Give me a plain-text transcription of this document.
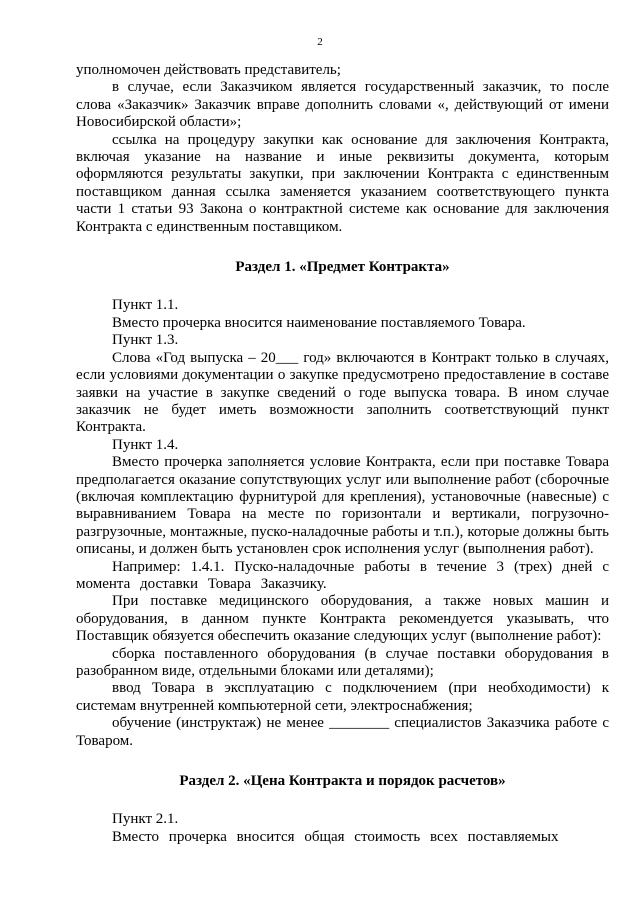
2

уполномочен действовать представитель;

в случае, если Заказчиком является государственный заказчик, то после слова «Заказчик» Заказчик вправе дополнить словами «, действующий от имени Новосибирской области»;

ссылка на процедуру закупки как основание для заключения Контракта, включая указание на название и иные реквизиты документа, которым оформляются результаты закупки, при заключении Контракта с единственным поставщиком данная ссылка заменяется указанием соответствующего пункта части 1 статьи 93 Закона о контрактной системе как основание для заключения Контракта с единственным поставщиком.

Раздел 1. «Предмет Контракта»

Пункт 1.1.

Вместо прочерка вносится наименование поставляемого Товара.

Пункт 1.3.

Слова «Год выпуска – 20___ год» включаются в Контракт только в случаях, если условиями документации о закупке предусмотрено предоставление в составе заявки на участие в закупке сведений о годе выпуска товара. В ином случае заказчик не будет иметь возможности заполнить соответствующий пункт Контракта.

Пункт 1.4.

Вместо прочерка заполняется условие Контракта, если при поставке Товара предполагается оказание сопутствующих услуг или выполнение работ (сборочные (включая комплектацию фурнитурой для крепления), установочные (навесные) с выравниванием Товара на месте по горизонтали и вертикали, погрузочно-разгрузочные, монтажные, пуско-наладочные работы и т.п.), которые должны быть описаны, и должен быть установлен срок исполнения услуг (выполнения работ).

Например: 1.4.1. Пуско-наладочные работы в течение 3 (трех) дней с момента доставки Товара Заказчику.

При поставке медицинского оборудования, а также новых машин и оборудования, в данном пункте Контракта рекомендуется указывать, что Поставщик обязуется обеспечить оказание следующих услуг (выполнение работ):

сборка поставленного оборудования (в случае поставки оборудования в разобранном виде, отдельными блоками или деталями);

ввод Товара в эксплуатацию с подключением (при необходимости) к системам внутренней компьютерной сети, электроснабжения;

обучение (инструктаж) не менее ________ специалистов Заказчика работе с Товаром.

Раздел 2. «Цена Контракта и порядок расчетов»

Пункт 2.1.

Вместо прочерка вносится общая стоимость всех поставляемых
